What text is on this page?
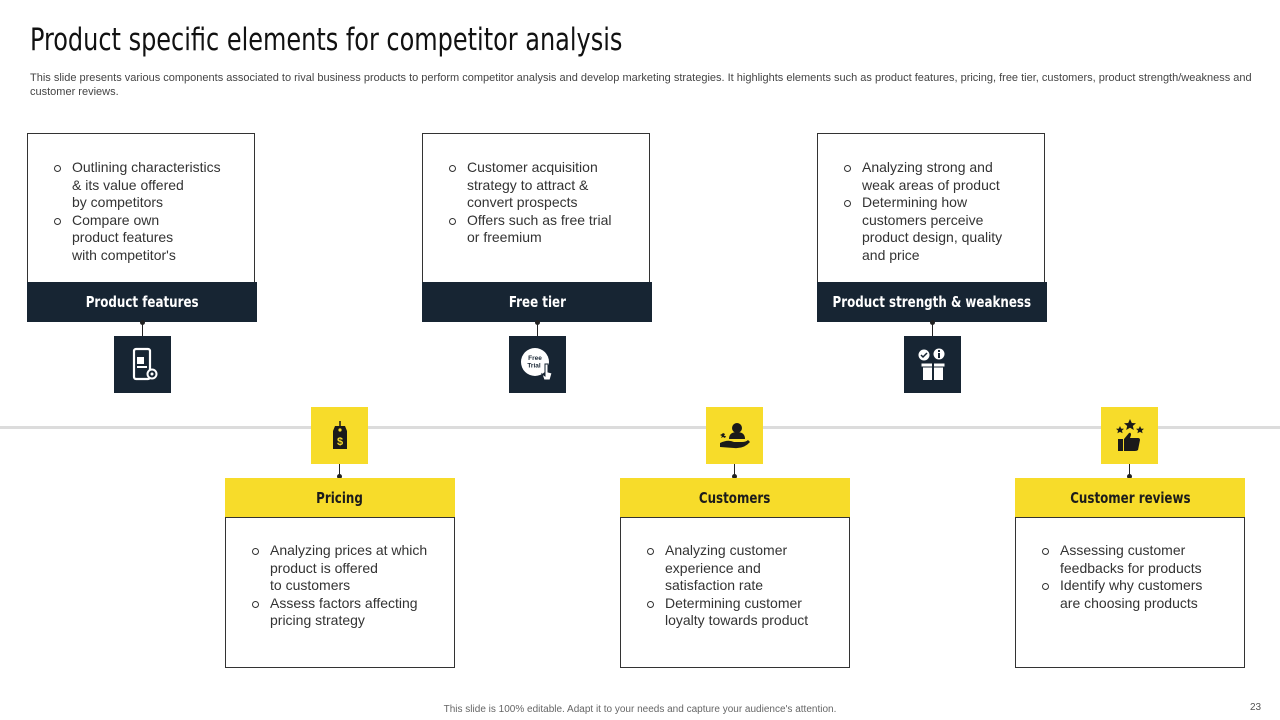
Product specific elements for competitor analysis
This slide presents various components associated to rival business products to perform competitor analysis and develop marketing strategies. It highlights elements such as product features, pricing, free tier, customers, product strength/weakness and customer reviews.
Outlining characteristics
& its value offered
by competitors
Compare own
product features
with competitor's
Product features
Customer acquisition
strategy to attract &
convert prospects
Offers such as free trial
or freemium
Free tier
Free
Trial
Analyzing strong and
weak areas of product
Determining how
customers perceive
product design, quality
and price
Product strength & weakness
$
Pricing
Analyzing prices at which
product is offered
to customers
Assess factors affecting
pricing strategy
Customers
Analyzing customer
experience and
satisfaction rate
Determining customer
loyalty towards product
Customer reviews
Assessing customer
feedbacks for products
Identify why customers
are choosing products
This slide is 100% editable. Adapt it to your needs and capture your audience's attention.	23
